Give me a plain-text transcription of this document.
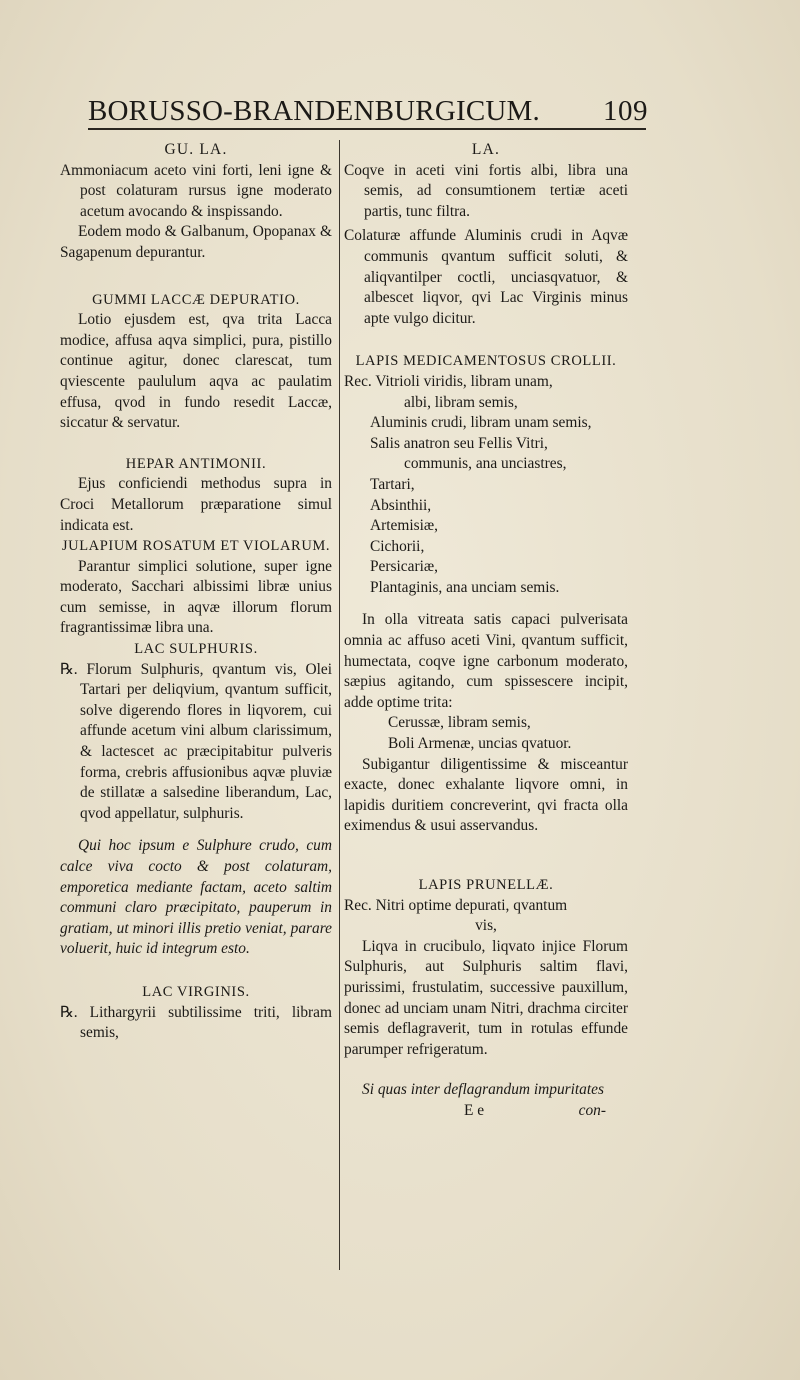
BORUSSO-BRANDENBURGICUM. 109

GU. LA.

Ammoniacum aceto vini forti, leni igne & post colaturam rursus igne moderato acetum avocando & inspissando.

Eodem modo & Galbanum, Opopanax & Sagapenum depurantur.

GUMMI LACCÆ DEPURATIO.

Lotio ejusdem est, qva trita Lacca modice, affusa aqva simplici, pura, pistillo continue agitur, donec clarescat, tum qviescente paululum aqva ac paulatim effusa, qvod in fundo resedit Laccæ, siccatur & servatur.

HEPAR ANTIMONII.

Ejus conficiendi methodus supra in Croci Metallorum præparatione simul indicata est.

JULAPIUM ROSATUM ET VIOLARUM.

Parantur simplici solutione, super igne moderato, Sacchari albissimi libræ unius cum semisse, in aqvæ illorum florum fragrantissimæ libra una.

LAC SULPHURIS.

℞. Florum Sulphuris, qvantum vis, Olei Tartari per deliqvium, qvantum sufficit, solve digerendo flores in liqvorem, cui affunde acetum vini album clarissimum, & lactescet ac præcipitabitur pulveris forma, crebris affusionibus aqvæ pluviæ de stillatæ a salsedine liberandum, Lac, qvod appellatur, sulphuris.

Qui hoc ipsum e Sulphure crudo, cum calce viva cocto & post colaturam, emporetica mediante factam, aceto saltim communi claro præcipitato, pauperum in gratiam, ut minori illis pretio veniat, parare voluerit, huic id integrum esto.

LAC VIRGINIS.

℞. Lithargyrii subtilissime triti, libram semis,

LA.

Coqve in aceti vini fortis albi, libra una semis, ad consumtionem tertiæ aceti partis, tunc filtra.

Colaturæ affunde Aluminis crudi in Aqvæ communis qvantum sufficit soluti, & aliqvantilper coctli, unciasqvatuor, & albescet liqvor, qvi Lac Virginis minus apte vulgo dicitur.

LAPIS MEDICAMENTOSUS CROLLII.

Rec. Vitrioli viridis, libram unam,

albi, libram semis,

Aluminis crudi, libram unam semis,

Salis anatron seu Fellis Vitri,

communis, ana unciastres,

Tartari,

Absinthii,

Artemisiæ,

Cichorii,

Persicariæ,

Plantaginis, ana unciam semis.

In olla vitreata satis capaci pulverisata omnia ac affuso aceti Vini, qvantum sufficit, humectata, coqve igne carbonum moderato, sæpius agitando, cum spissescere incipit, adde optime trita:

Cerussæ, libram semis,

Boli Armenæ, uncias qvatuor.

Subigantur diligentissime & misceantur exacte, donec exhalante liqvore omni, in lapidis duritiem concreverint, qvi fracta olla eximendus & usui asservandus.

LAPIS PRUNELLÆ.

Rec. Nitri optime depurati, qvantum

vis,

Liqva in crucibulo, liqvato injice Florum Sulphuris, aut Sulphuris saltim flavi, purissimi, frustulatim, successive pauxillum, donec ad unciam unam Nitri, drachma circiter semis deflagraverit, tum in rotulas effunde parumper refrigeratum.

Si quas inter deflagrandum impuritates

E e	con-
